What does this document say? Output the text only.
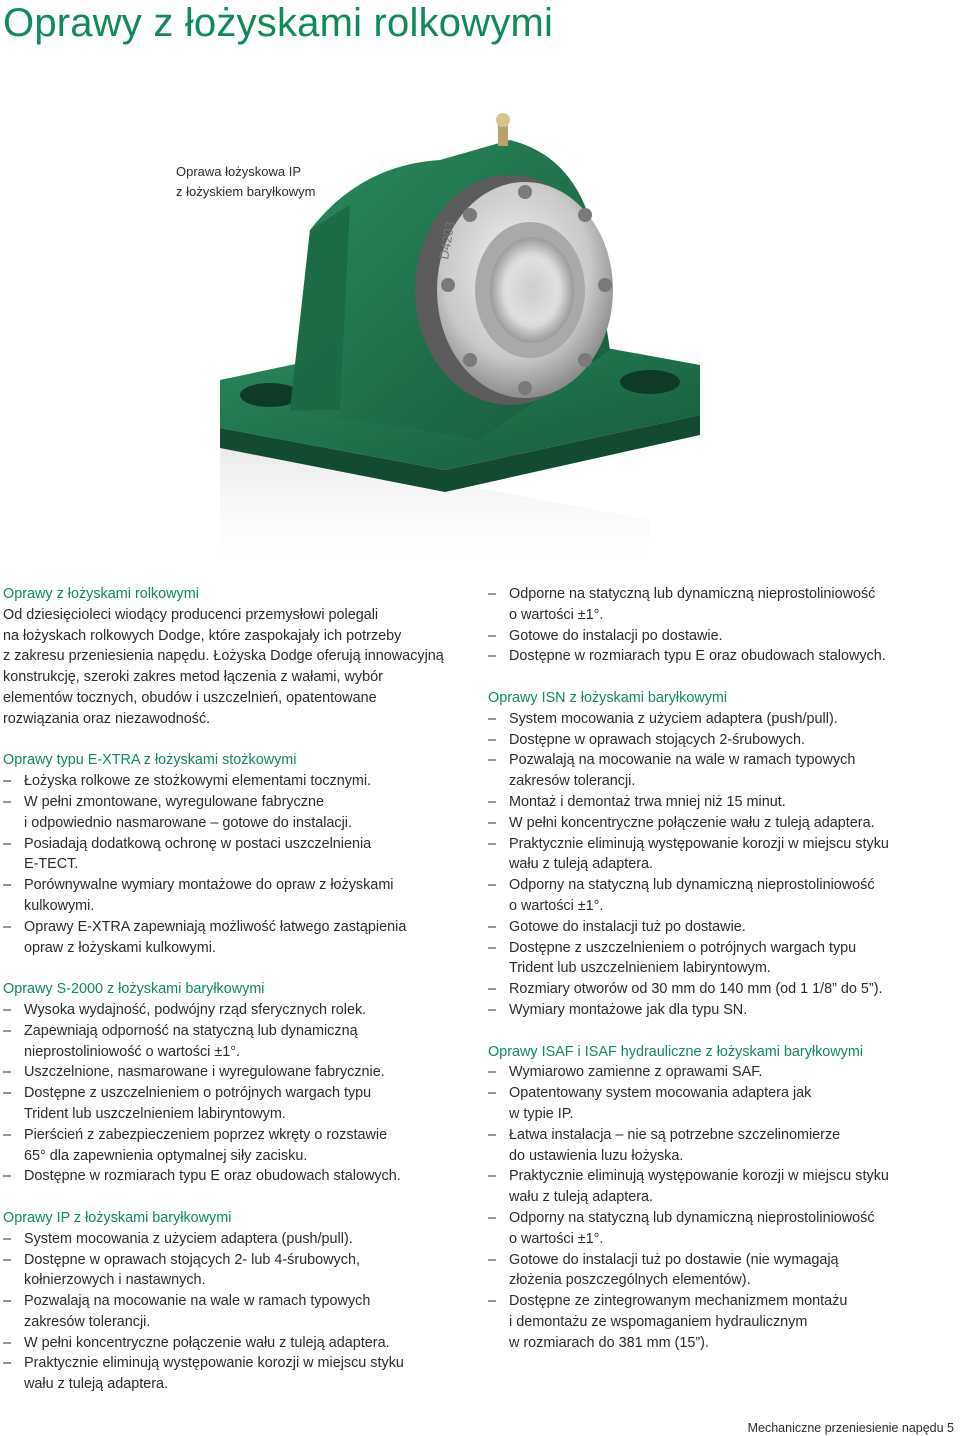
Oprawy z łożyskami rolkowymi
Oprawa łożyskowa IP
z łożyskiem baryłkowym
D4203
Oprawy z łożyskami rolkowymi
Od dziesięcioleci wiodący producenci przemysłowi polegali
na łożyskach rolkowych Dodge, które zaspokajały ich potrzeby
z zakresu przeniesienia napędu. Łożyska Dodge oferują innowacyjną
konstrukcję, szeroki zakres metod łączenia z wałami, wybór
elementów tocznych, obudów i uszczelnień, opatentowane
rozwiązania oraz niezawodność.
Oprawy typu E-XTRA z łożyskami stożkowymi
– Łożyska rolkowe ze stożkowymi elementami tocznymi.
– W pełni zmontowane, wyregulowane fabryczne
i odpowiednio nasmarowane – gotowe do instalacji.
– Posiadają dodatkową ochronę w postaci uszczelnienia
E-TECT.
– Porównywalne wymiary montażowe do opraw z łożyskami
kulkowymi.
– Oprawy E-XTRA zapewniają możliwość łatwego zastąpienia
opraw z łożyskami kulkowymi.
Oprawy S-2000 z łożyskami baryłkowymi
– Wysoka wydajność, podwójny rząd sferycznych rolek.
– Zapewniają odporność na statyczną lub dynamiczną
nieprostoliniowość o wartości ±1°.
– Uszczelnione, nasmarowane i wyregulowane fabrycznie.
– Dostępne z uszczelnieniem o potrójnych wargach typu
Trident lub uszczelnieniem labiryntowym.
– Pierścień z zabezpieczeniem poprzez wkręty o rozstawie
65° dla zapewnienia optymalnej siły zacisku.
– Dostępne w rozmiarach typu E oraz obudowach stalowych.
Oprawy IP z łożyskami baryłkowymi
– System mocowania z użyciem adaptera (push/pull).
– Dostępne w oprawach stojących 2- lub 4-śrubowych,
kołnierzowych i nastawnych.
– Pozwalają na mocowanie na wale w ramach typowych
zakresów tolerancji.
– W pełni koncentryczne połączenie wału z tuleją adaptera.
– Praktycznie eliminują występowanie korozji w miejscu styku
wału z tuleją adaptera.
– Odporne na statyczną lub dynamiczną nieprostoliniowość
o wartości ±1°.
– Gotowe do instalacji po dostawie.
– Dostępne w rozmiarach typu E oraz obudowach stalowych.
Oprawy ISN z łożyskami baryłkowymi
– System mocowania z użyciem adaptera (push/pull).
– Dostępne w oprawach stojących 2-śrubowych.
– Pozwalają na mocowanie na wale w ramach typowych
zakresów tolerancji.
– Montaż i demontaż trwa mniej niż 15 minut.
– W pełni koncentryczne połączenie wału z tuleją adaptera.
– Praktycznie eliminują występowanie korozji w miejscu styku
wału z tuleją adaptera.
– Odporny na statyczną lub dynamiczną nieprostoliniowość
o wartości ±1°.
– Gotowe do instalacji tuż po dostawie.
– Dostępne z uszczelnieniem o potrójnych wargach typu
Trident lub uszczelnieniem labiryntowym.
– Rozmiary otworów od 30 mm do 140 mm (od 1 1/8” do 5”).
– Wymiary montażowe jak dla typu SN.
Oprawy ISAF i ISAF hydrauliczne z łożyskami baryłkowymi
– Wymiarowo zamienne z oprawami SAF.
– Opatentowany system mocowania adaptera jak
w typie IP.
– Łatwa instalacja – nie są potrzebne szczelinomierze
do ustawienia luzu łożyska.
– Praktycznie eliminują występowanie korozji w miejscu styku
wału z tuleją adaptera.
– Odporny na statyczną lub dynamiczną nieprostoliniowość
o wartości ±1°.
– Gotowe do instalacji tuż po dostawie (nie wymagają
złożenia poszczególnych elementów).
– Dostępne ze zintegrowanym mechanizmem montażu
i demontażu ze wspomaganiem hydraulicznym
w rozmiarach do 381 mm (15”).
Mechaniczne przeniesienie napędu 5
